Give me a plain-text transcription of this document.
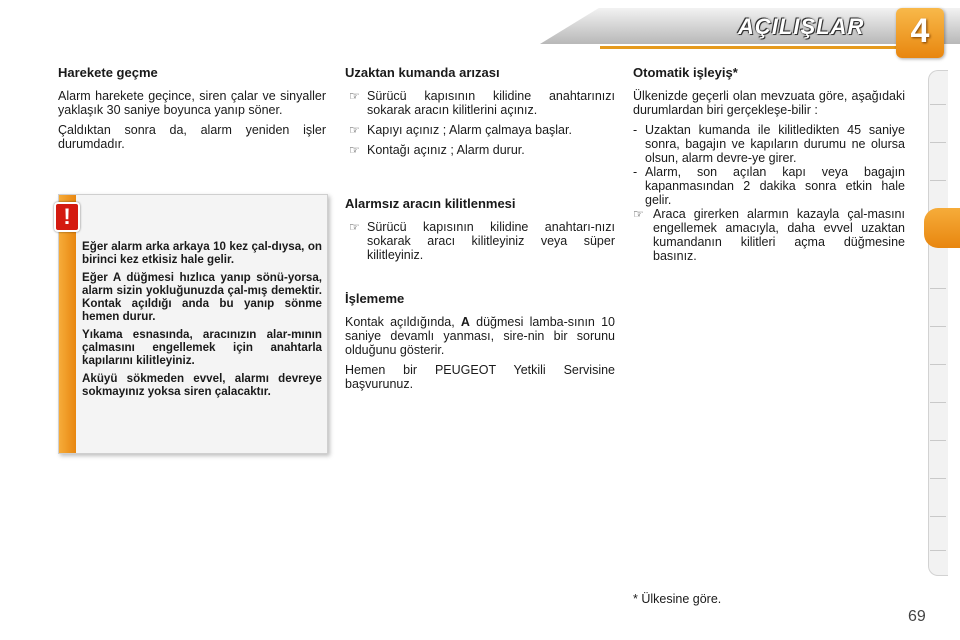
AÇILIŞLAR	4
Harekete geçme
Alarm harekete geçince, siren çalar ve sinyaller yaklaşık 30 saniye boyunca yanıp söner.
Çaldıktan sonra da, alarm yeniden işler durumdadır.
!
Eğer alarm arka arkaya 10 kez çal-dıysa, on birinci kez etkisiz hale gelir.
Eğer A düğmesi hızlıca yanıp sönü-yorsa, alarm sizin yokluğunuzda çal-mış demektir. Kontak açıldığı anda bu yanıp sönme hemen durur.
Yıkama esnasında, aracınızın alar-mının çalmasını engellemek için anahtarla kapılarını kilitleyiniz.
Aküyü sökmeden evvel, alarmı devreye sokmayınız yoksa siren çalacaktır.
Uzaktan kumanda arızası
☞ Sürücü kapısının kilidine anahtarınızı sokarak aracın kilitlerini açınız.
☞ Kapıyı açınız ; Alarm çalmaya başlar.
☞ Kontağı açınız ; Alarm durur.
Alarmsız aracın kilitlenmesi
☞ Sürücü kapısının kilidine anahtarı-nızı sokarak aracı kilitleyiniz veya süper kilitleyiniz.
İşlememe
Kontak açıldığında, A düğmesi lamba-sının 10 saniye devamlı yanması, sire-nin bir sorunu olduğunu gösterir.
Hemen bir PEUGEOT Yetkili Servisine başvurunuz.
Otomatik işleyiş*
Ülkenizde geçerli olan mevzuata göre, aşağıdaki durumlardan biri gerçekleşe-bilir :
- Uzaktan kumanda ile kilitledikten 45 saniye sonra, bagajın ve kapıların durumu ne olursa olsun, alarm devre-ye girer.
- Alarm, son açılan kapı veya bagajın kapanmasından 2 dakika sonra etkin hale gelir.
☞ Araca girerken alarmın kazayla çal-masını engellemek amacıyla, daha evvel uzaktan kumandanın kilitleri açma düğmesine basınız.
* Ülkesine göre.
69
